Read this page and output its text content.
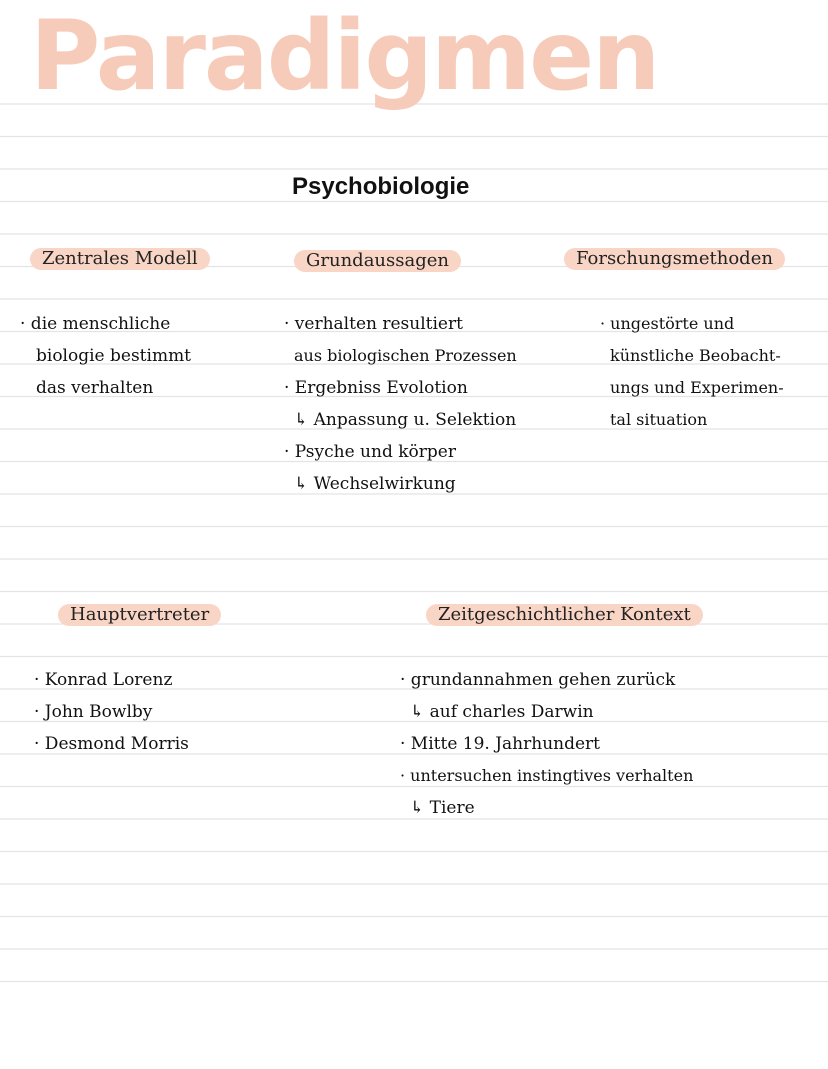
Paradigmen
Psychobiologie
Zentrales Modell	Grundaussagen	Forschungsmethoden
Hauptvertreter	Zeitgeschichtlicher Kontext
· die menschliche
biologie bestimmt
das verhalten
· verhalten resultiert
aus biologischen Prozessen
· Ergebniss Evolotion
↳ Anpassung u. Selektion
· Psyche und körper
↳ Wechselwirkung
· ungestörte und
künstliche Beobacht-
ungs und Experimen-
tal situation
· Konrad Lorenz
· John Bowlby
· Desmond Morris
· grundannahmen gehen zurück
↳ auf charles Darwin
· Mitte 19. Jahrhundert
· untersuchen instingtives verhalten
↳ Tiere
